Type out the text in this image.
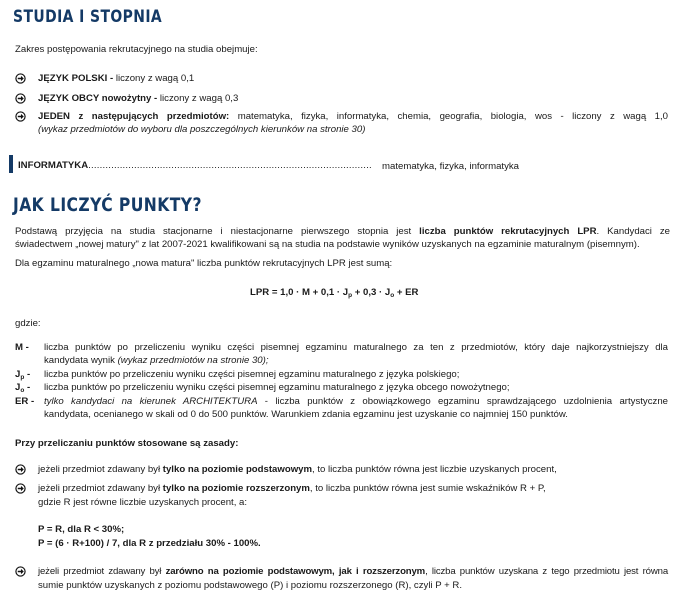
STUDIA I STOPNIA
Zakres postępowania rekrutacyjnego na studia obejmuje:
JĘZYK POLSKI - liczony z wagą 0,1
JĘZYK OBCY nowożytny - liczony z wagą 0,3
JEDEN z następujących przedmiotów: matematyka, fizyka, informatyka, chemia, geografia, biologia, wos - liczony z wagą 1,0
(wykaz przedmiotów do wyboru dla poszczególnych kierunków na stronie 30)
INFORMATYKA................................................................................................... matematyka, fizyka, informatyka
JAK LICZYĆ PUNKTY?
Podstawą przyjęcia na studia stacjonarne i niestacjonarne pierwszego stopnia jest liczba punktów rekrutacyjnych LPR. Kandydaci ze
świadectwem „nowej matury" z lat 2007-2021 kwalifikowani są na studia na podstawie wyników uzyskanych na egzaminie maturalnym (pisemnym).
Dla egzaminu maturalnego „nowa matura" liczba punktów rekrutacyjnych LPR jest sumą:
LPR = $1,0 \cdot M + 0,1 \cdot J_p + 0,3 \cdot J_o$ + ER
gdzie:
M - liczba punktów po przeliczeniu wyniku części pisemnej egzaminu maturalnego za ten z przedmiotów, który daje najkorzystniejszy dla
kandydata wynik (wykaz przedmiotów na stronie 30);
$J_p$ - liczba punktów po przeliczeniu wyniku części pisemnej egzaminu maturalnego z języka polskiego;
$J_o$ - liczba punktów po przeliczeniu wyniku części pisemnej egzaminu maturalnego z języka obcego nowożytnego;
ER - tylko kandydaci na kierunek ARCHITEKTURA - liczba punktów z obowiązkowego egzaminu sprawdzającego uzdolnienia artystyczne
kandydata, ocenianego w skali od 0 do 500 punktów. Warunkiem zdania egzaminu jest uzyskanie co najmniej 150 punktów.
Przy przeliczaniu punktów stosowane są zasady:
jeżeli przedmiot zdawany był tylko na poziomie podstawowym, to liczba punktów równa jest liczbie uzyskanych procent,
jeżeli przedmiot zdawany był tylko na poziomie rozszerzonym, to liczba punktów równa jest sumie wskaźników R + P,
gdzie R jest równe liczbie uzyskanych procent, a:
P = R, dla R < 30%;
P = (6 · R+100) / 7, dla R z przedziału 30% - 100%.
jeżeli przedmiot zdawany był zarówno na poziomie podstawowym, jak i rozszerzonym, liczba punktów uzyskana z tego przedmiotu jest równa
sumie punktów uzyskanych z poziomu podstawowego (P) i poziomu rozszerzonego (R), czyli P + R.
